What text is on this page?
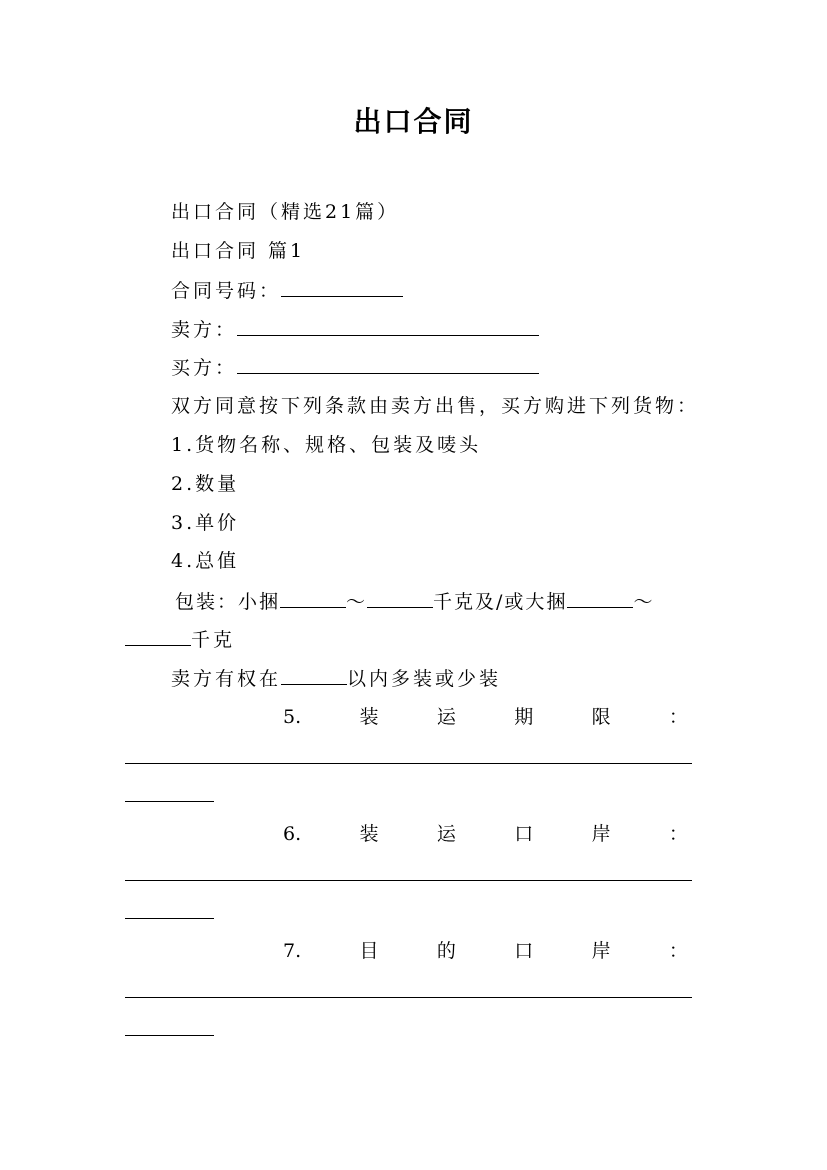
出口合同
出口合同（精选21篇）
出口合同 篇1
合同号码：
卖方：
买方：
双方同意按下列条款由卖方出售，买方购进下列货物：
1.货物名称、规格、包装及唛头
2.数量
3.单价
4.总值
包装：小捆	～	千克及/或大捆	～
千克
卖方有权在	以内多装或少装
5.	装	运	期	限	：
6.	装	运	口	岸	：
7.	目	的	口	岸	：
